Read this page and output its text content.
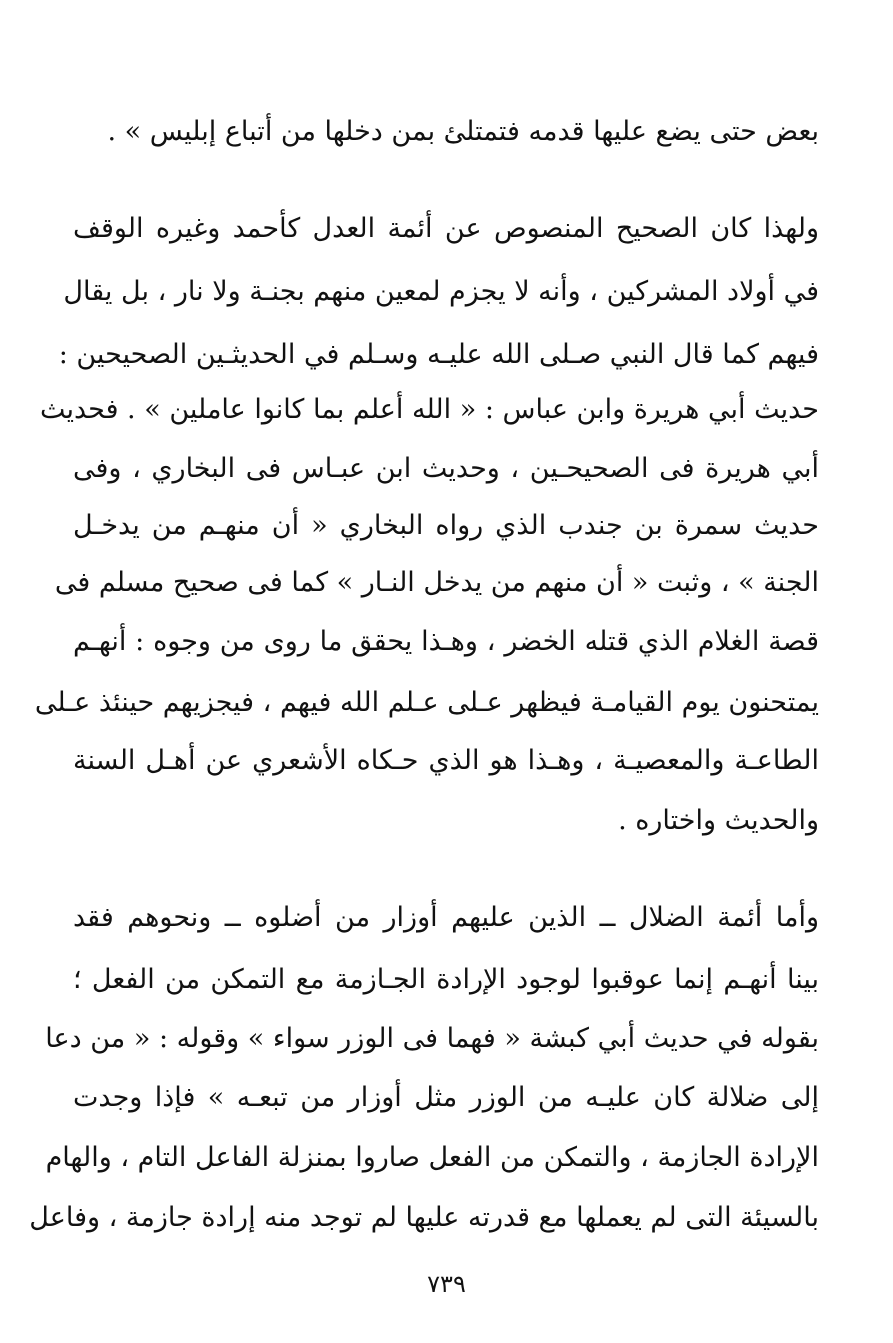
بعض حتى يضع عليها قدمه فتمتلئ بمن دخلها من أتباع إبليس » .
ولهذا كان الصحيح المنصوص عن أئمة العدل كأحمد وغيره الوقف
في أولاد المشركين ، وأنه لا يجزم لمعين منهم بجنـة ولا نار ، بل يقال
فيهم كما قال النبي صـلى الله عليـه وسـلم في الحديثـين الصحيحين :
حديث أبي هريرة وابن عباس : « الله أعلم بما كانوا عاملين » . فحديث
أبي هريرة فى الصحيحـين ، وحديث ابن عبـاس فى البخاري ، وفى
حديث سمرة بن جندب الذي رواه البخاري « أن منهـم من يدخـل
الجنة » ، وثبت « أن منهم من يدخل النـار » كما فى صحيح مسلم فى
قصة الغلام الذي قتله الخضر ، وهـذا يحقق ما روى من وجوه : أنهـم
يمتحنون يوم القيامـة فيظهر عـلى عـلم الله فيهم ، فيجزيهم حينئذ عـلى
الطاعـة والمعصيـة ، وهـذا هو الذي حـكاه الأشعري عن أهـل السنة
والحديث واختاره .
وأما أئمة الضلال ــ الذين عليهم أوزار من أضلوه ــ ونحوهم فقد
بينا أنهـم إنما عوقبوا لوجود الإرادة الجـازمة مع التمكن من الفعل ؛
بقوله في حديث أبي كبشة « فهما فى الوزر سواء » وقوله : « من دعا
إلى ضلالة كان عليـه من الوزر مثل أوزار من تبعـه » فإذا وجدت
الإرادة الجازمة ، والتمكن من الفعل صاروا بمنزلة الفاعل التام ، والهام
بالسيئة التى لم يعملها مع قدرته عليها لم توجد منه إرادة جازمة ، وفاعل
٧٣٩
